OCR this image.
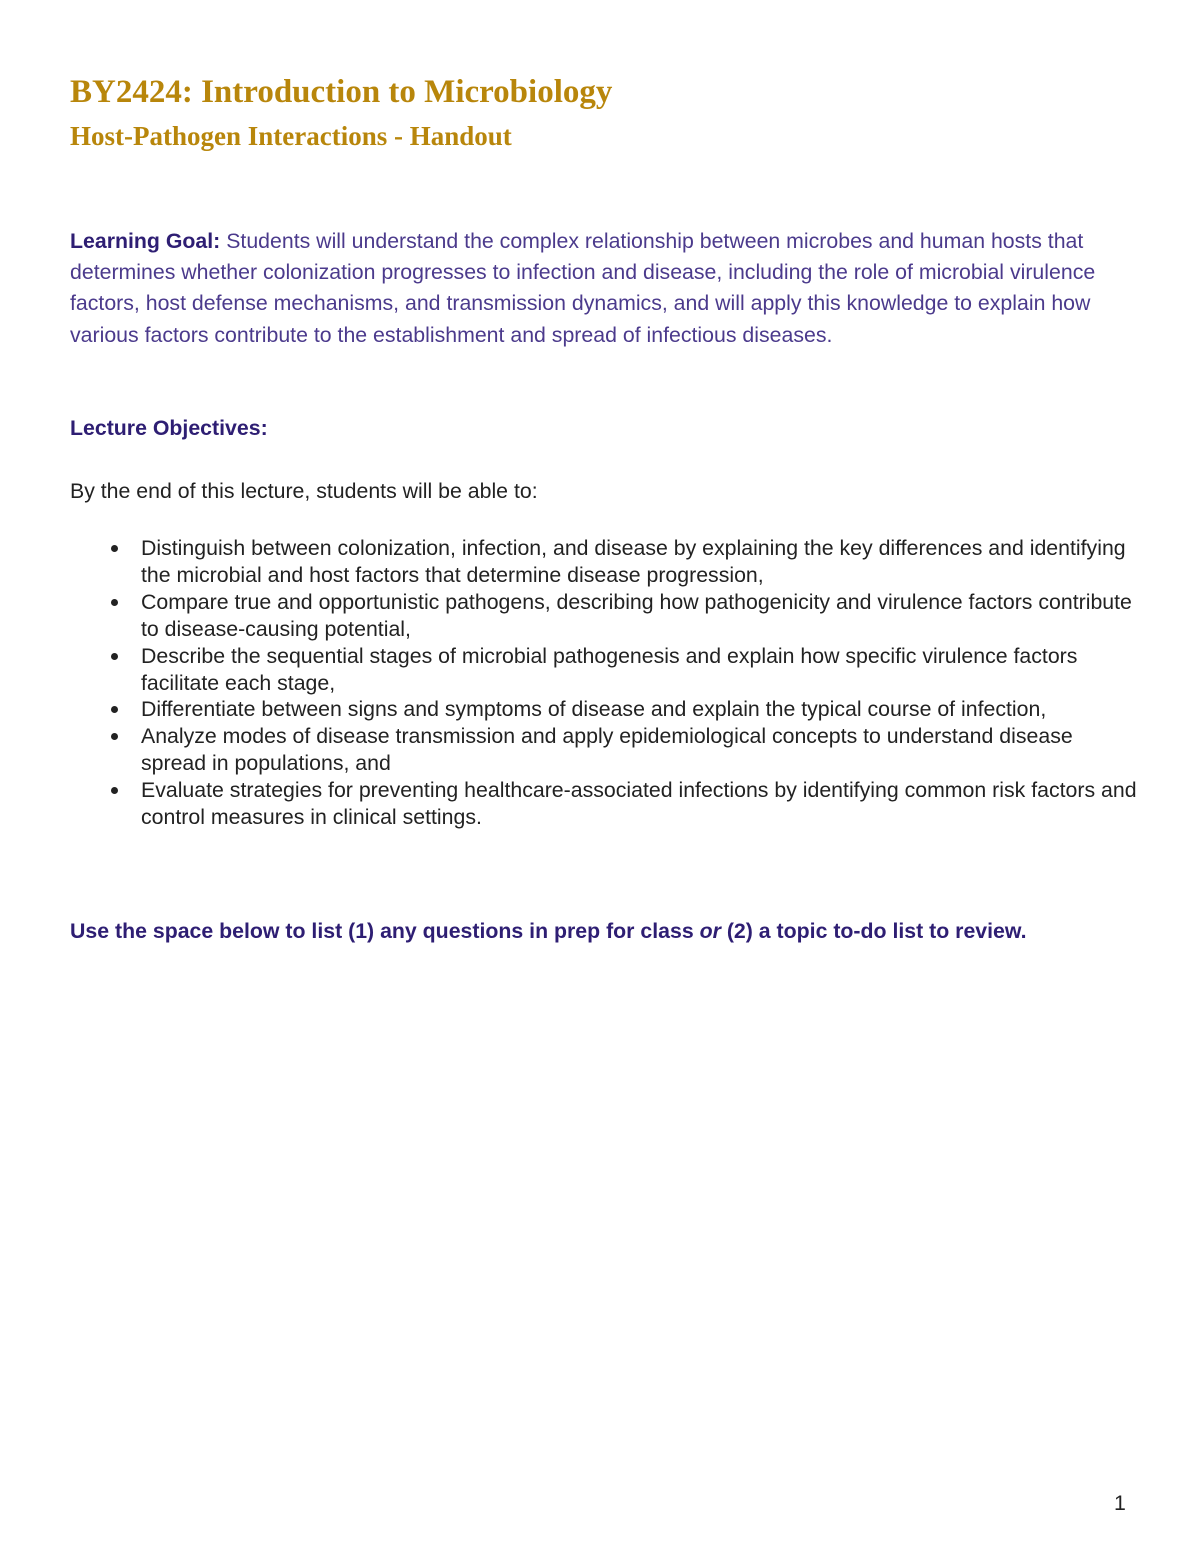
BY2424: Introduction to Microbiology
Host-Pathogen Interactions - Handout

Learning Goal: Students will understand the complex relationship between microbes and human hosts that determines whether colonization progresses to infection and disease, including the role of microbial virulence factors, host defense mechanisms, and transmission dynamics, and will apply this knowledge to explain how various factors contribute to the establishment and spread of infectious diseases.

Lecture Objectives:

By the end of this lecture, students will be able to:

Distinguish between colonization, infection, and disease by explaining the key differences and identifying the microbial and host factors that determine disease progression,
Compare true and opportunistic pathogens, describing how pathogenicity and virulence factors contribute to disease-causing potential,
Describe the sequential stages of microbial pathogenesis and explain how specific virulence factors facilitate each stage,
Differentiate between signs and symptoms of disease and explain the typical course of infection,
Analyze modes of disease transmission and apply epidemiological concepts to understand disease spread in populations, and
Evaluate strategies for preventing healthcare-associated infections by identifying common risk factors and control measures in clinical settings.

Use the space below to list (1) any questions in prep for class or (2) a topic to-do list to review.

1
